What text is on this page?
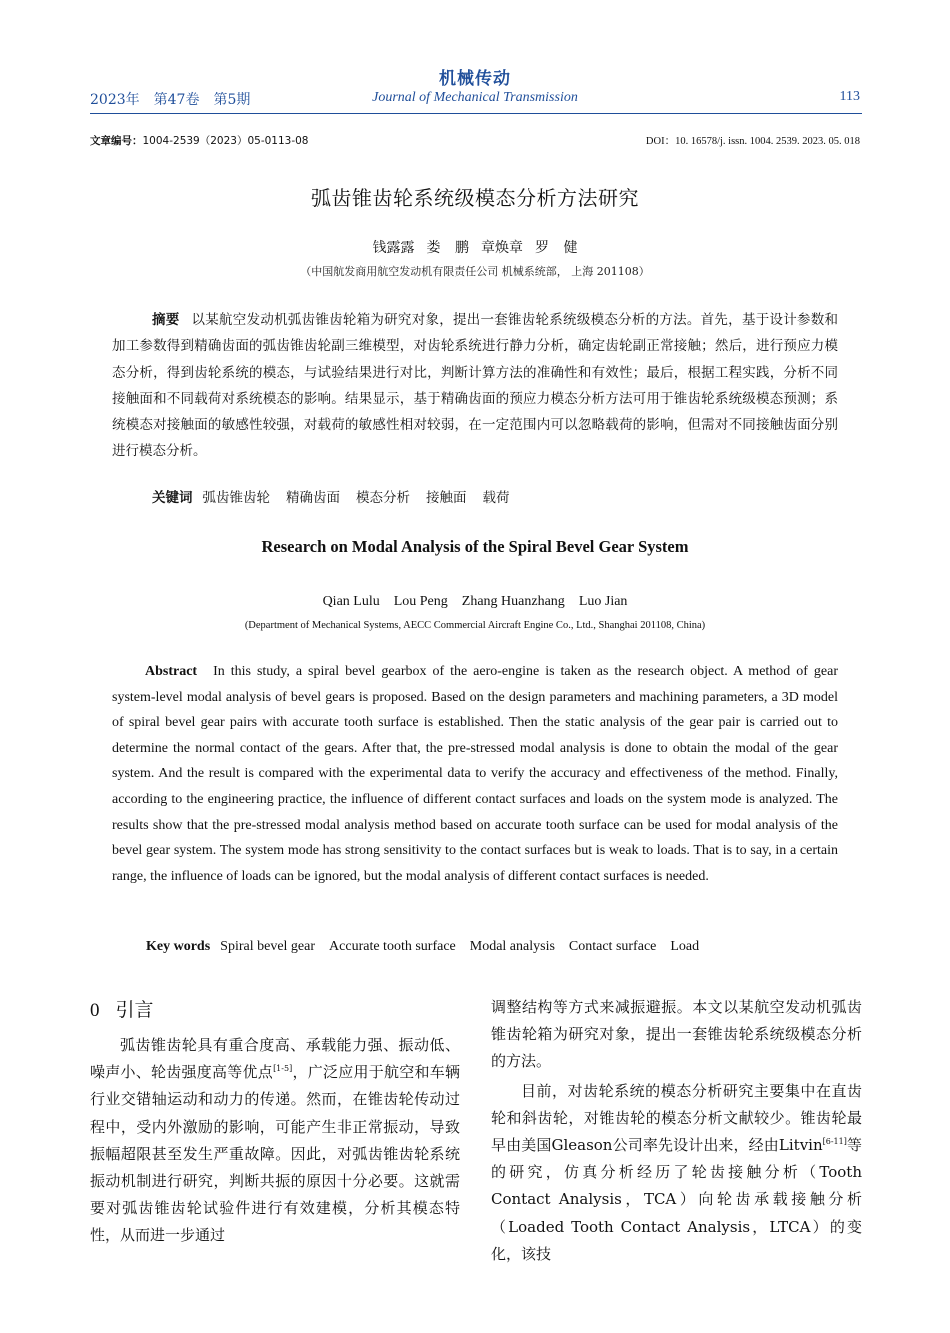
机械传动
2023年 第47卷 第5期	Journal of Mechanical Transmission	113
文章编号：1004-2539（2023）05-0113-08	DOI：10. 16578/j. issn. 1004. 2539. 2023. 05. 018
弧齿锥齿轮系统级模态分析方法研究
钱露露 娄 鹏 章焕章 罗 健
（中国航发商用航空发动机有限责任公司 机械系统部， 上海 201108）
摘要 以某航空发动机弧齿锥齿轮箱为研究对象，提出一套锥齿轮系统级模态分析的方法。首先，基于设计参数和加工参数得到精确齿面的弧齿锥齿轮副三维模型，对齿轮系统进行静力分析，确定齿轮副正常接触；然后，进行预应力模态分析，得到齿轮系统的模态，与试验结果进行对比，判断计算方法的准确性和有效性；最后，根据工程实践，分析不同接触面和不同载荷对系统模态的影响。结果显示，基于精确齿面的预应力模态分析方法可用于锥齿轮系统级模态预测；系统模态对接触面的敏感性较强，对载荷的敏感性相对较弱，在一定范围内可以忽略载荷的影响，但需对不同接触齿面分别进行模态分析。
关键词 弧齿锥齿轮 精确齿面 模态分析 接触面 载荷
Research on Modal Analysis of the Spiral Bevel Gear System
Qian Lulu Lou Peng Zhang Huanzhang Luo Jian
(Department of Mechanical Systems, AECC Commercial Aircraft Engine Co., Ltd., Shanghai 201108, China)
Abstract In this study, a spiral bevel gearbox of the aero-engine is taken as the research object. A method of gear system-level modal analysis of bevel gears is proposed. Based on the design parameters and machining parameters, a 3D model of spiral bevel gear pairs with accurate tooth surface is established. Then the static analysis of the gear pair is carried out to determine the normal contact of the gears. After that, the pre-stressed modal analysis is done to obtain the modal of the gear system. And the result is compared with the experimental data to verify the accuracy and effectiveness of the method. Finally, according to the engineering practice, the influence of different contact surfaces and loads on the system mode is analyzed. The results show that the pre-stressed modal analysis method based on accurate tooth surface can be used for modal analysis of the bevel gear system. The system mode has strong sensitivity to the contact surfaces but is weak to loads. That is to say, in a certain range, the influence of loads can be ignored, but the modal analysis of different contact surfaces is needed.
Key words Spiral bevel gear Accurate tooth surface Modal analysis Contact surface Load
0 引言

弧齿锥齿轮具有重合度高、承载能力强、振动低、噪声小、轮齿强度高等优点[1-5]，广泛应用于航空和车辆行业交错轴运动和动力的传递。然而，在锥齿轮传动过程中，受内外激励的影响，可能产生非正常振动，导致振幅超限甚至发生严重故障。因此，对弧齿锥齿轮系统振动机制进行研究，判断共振的原因十分必要。这就需要对弧齿锥齿轮试验件进行有效建模，分析其模态特性，从而进一步通过

调整结构等方式来减振避振。本文以某航空发动机弧齿锥齿轮箱为研究对象，提出一套锥齿轮系统级模态分析的方法。

目前，对齿轮系统的模态分析研究主要集中在直齿轮和斜齿轮，对锥齿轮的模态分析文献较少。锥齿轮最早由美国Gleason公司率先设计出来，经由Litvin[6-11]等的研究，仿真分析经历了轮齿接触分析（Tooth Contact Analysis，TCA）向轮齿承载接触分析（Loaded Tooth Contact Analysis，LTCA）的变化，该技
